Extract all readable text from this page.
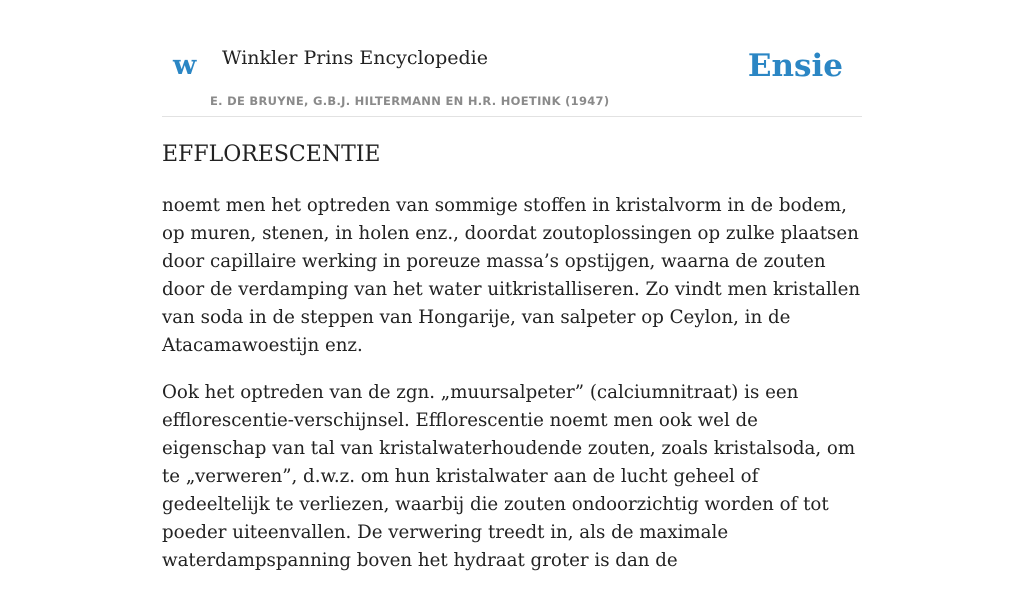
w Winkler Prins Encyclopedie
E. DE BRUYNE, G.B.J. HILTERMANN EN H.R. HOETINK (1947)
Ensie
EFFLORESCENTIE

noemt men het optreden van sommige stoffen in kristalvorm in de bodem, op muren, stenen, in holen enz., doordat zoutoplossingen op zulke plaatsen door capillaire werking in poreuze massa’s opstijgen, waarna de zouten door de verdamping van het water uitkristalliseren. Zo vindt men kristallen van soda in de steppen van Hongarije, van salpeter op Ceylon, in de Atacamawoestijn enz.

Ook het optreden van de zgn. „muursalpeter” (calciumnitraat) is een efflorescentie-verschijnsel. Efflorescentie noemt men ook wel de eigenschap van tal van kristalwaterhoudende zouten, zoals kristalsoda, om te „verweren”, d.w.z. om hun kristalwater aan de lucht geheel of gedeeltelijk te verliezen, waarbij die zouten ondoorzichtig worden of tot poeder uiteenvallen. De verwering treedt in, als de maximale waterdampspanning boven het hydraat groter is dan de
